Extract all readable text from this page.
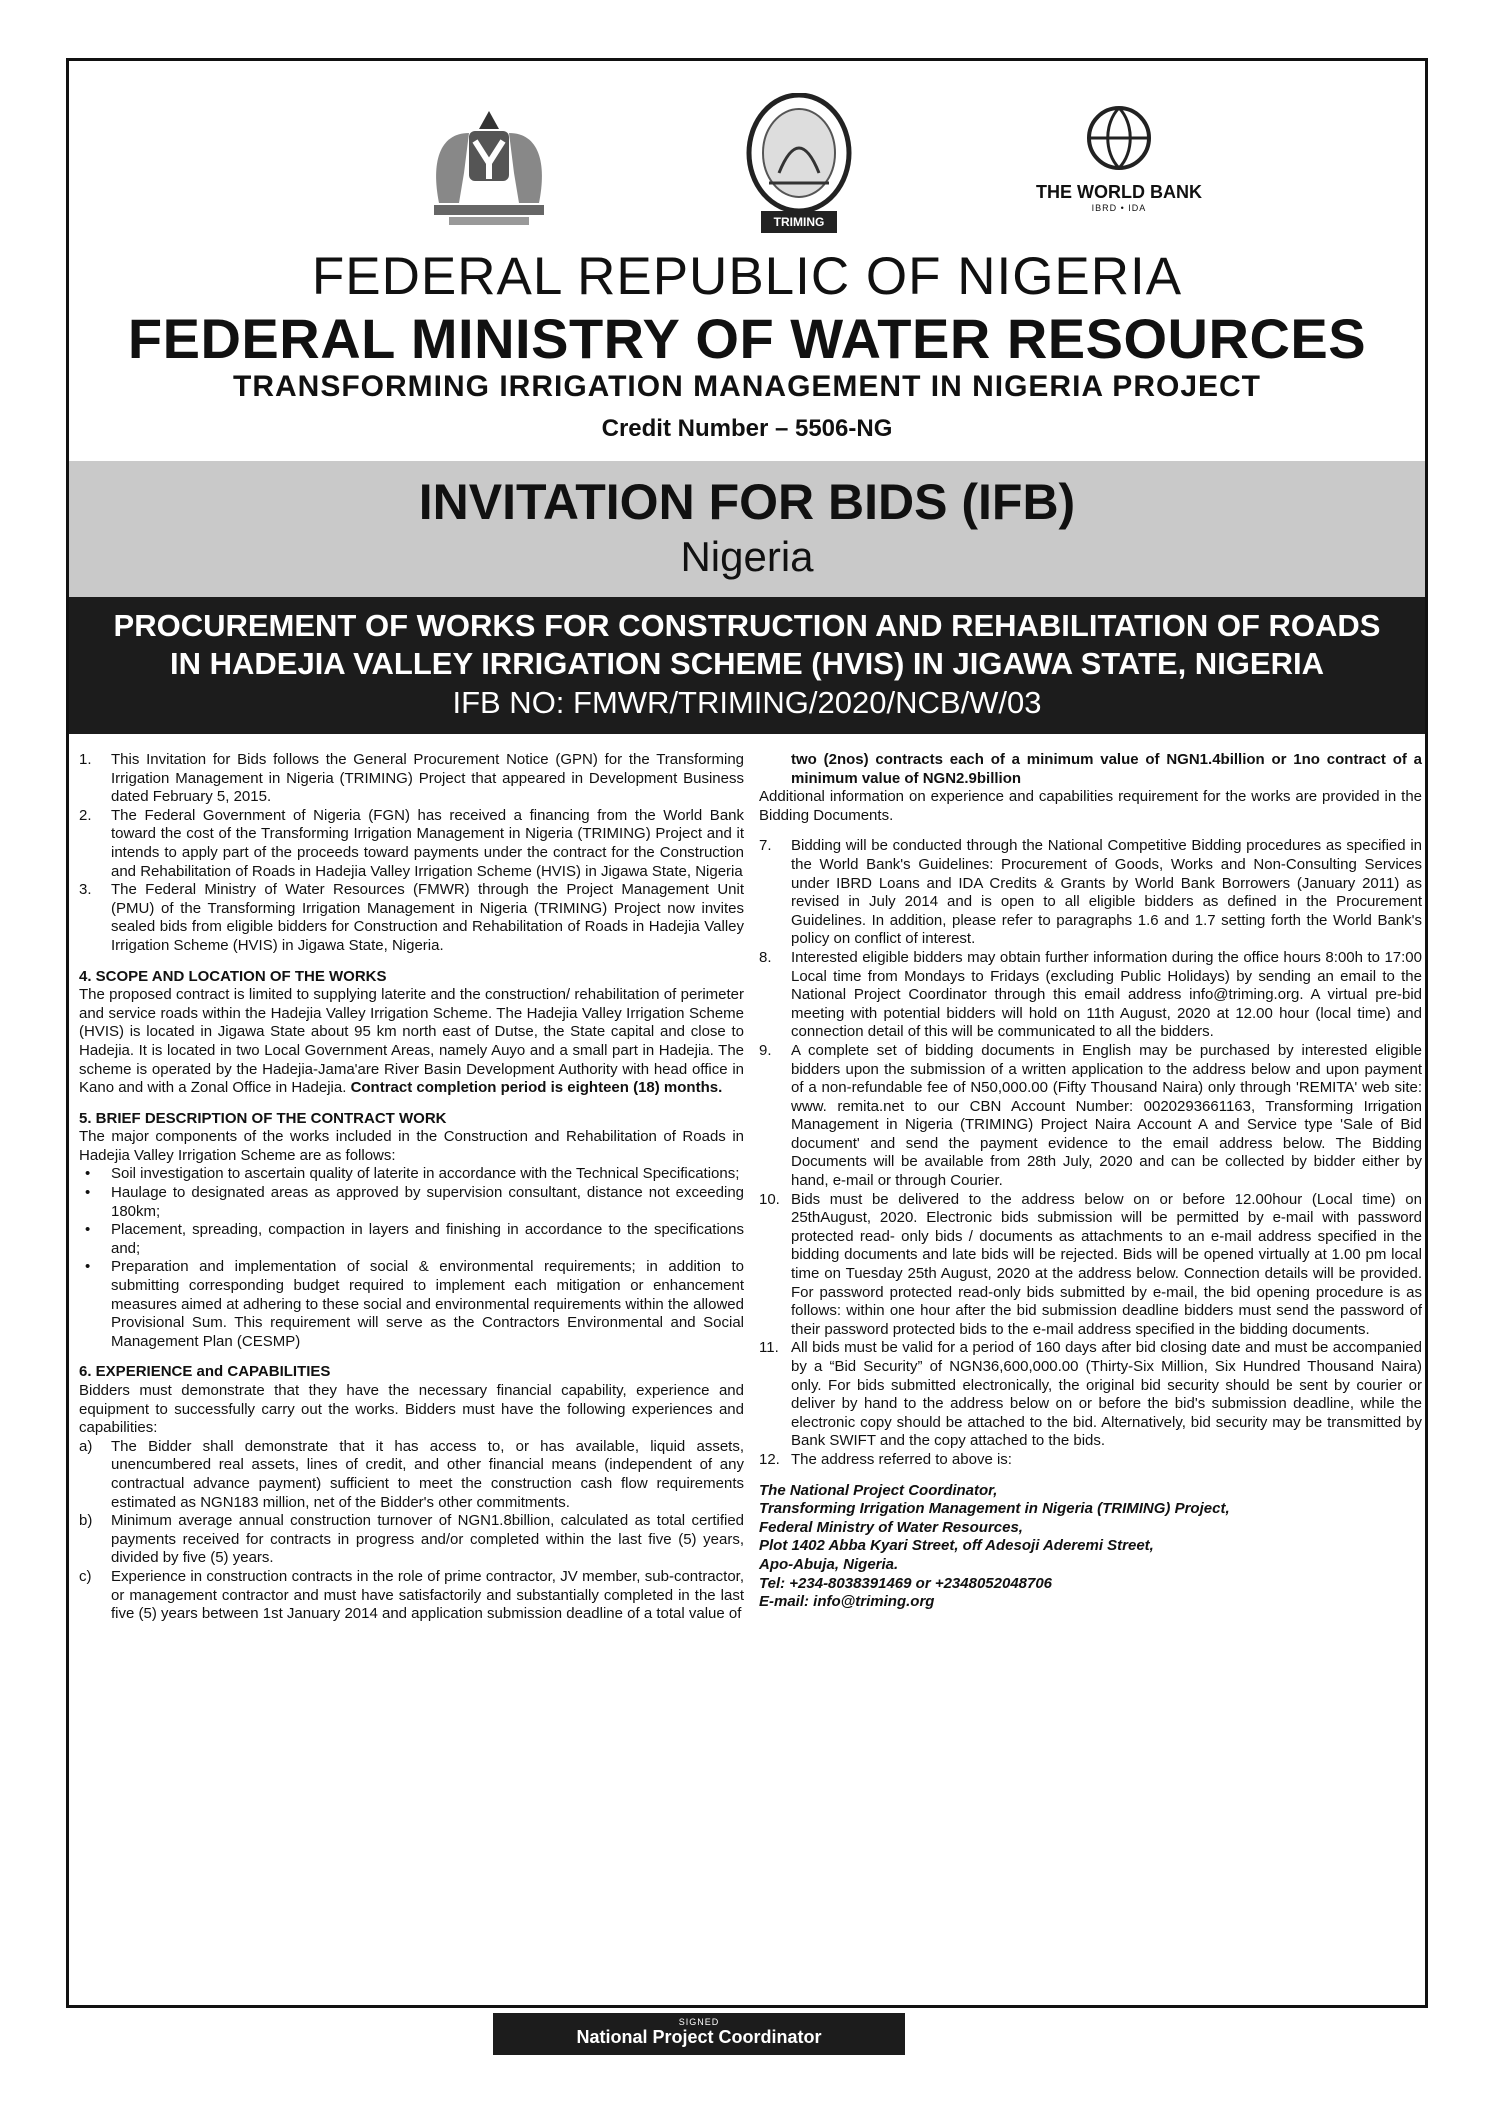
TRIMING
THE WORLD BANK
IBRD • IDA
FEDERAL REPUBLIC OF NIGERIA
FEDERAL MINISTRY OF WATER RESOURCES
TRANSFORMING IRRIGATION MANAGEMENT IN NIGERIA PROJECT
Credit Number – 5506-NG
INVITATION FOR BIDS (IFB)
Nigeria
PROCUREMENT OF WORKS FOR CONSTRUCTION AND REHABILITATION OF ROADS
IN HADEJIA VALLEY IRRIGATION SCHEME (HVIS) IN JIGAWA STATE, NIGERIA
IFB NO: FMWR/TRIMING/2020/NCB/W/03
1.	This Invitation for Bids follows the General Procurement Notice (GPN) for the Transforming Irrigation Management in Nigeria (TRIMING) Project that appeared in Development Business dated February 5, 2015.
2.	The Federal Government of Nigeria (FGN) has received a financing from the World Bank toward the cost of the Transforming Irrigation Management in Nigeria (TRIMING) Project and it intends to apply part of the proceeds toward payments under the contract for the Construction and Rehabilitation of Roads in Hadejia Valley Irrigation Scheme (HVIS) in Jigawa State, Nigeria
3.	The Federal Ministry of Water Resources (FMWR) through the Project Management Unit (PMU) of the Transforming Irrigation Management in Nigeria (TRIMING) Project now invites sealed bids from eligible bidders for Construction and Rehabilitation of Roads in Hadejia Valley Irrigation Scheme (HVIS) in Jigawa State, Nigeria.
4. SCOPE AND LOCATION OF THE WORKS
The proposed contract is limited to supplying laterite and the construction/ rehabilitation of perimeter and service roads within the Hadejia Valley Irrigation Scheme. The Hadejia Valley Irrigation Scheme (HVIS) is located in Jigawa State about 95 km north east of Dutse, the State capital and close to Hadejia. It is located in two Local Government Areas, namely Auyo and a small part in Hadejia. The scheme is operated by the Hadejia-Jama'are River Basin Development Authority with head office in Kano and with a Zonal Office in Hadejia. Contract completion period is eighteen (18) months.
5. BRIEF DESCRIPTION OF THE CONTRACT WORK
The major components of the works included in the Construction and Rehabilitation of Roads in Hadejia Valley Irrigation Scheme are as follows:
•	Soil investigation to ascertain quality of laterite in accordance with the Technical Specifications;
•	Haulage to designated areas as approved by supervision consultant, distance not exceeding 180km;
•	Placement, spreading, compaction in layers and finishing in accordance to the specifications and;
•	Preparation and implementation of social & environmental requirements; in addition to submitting corresponding budget required to implement each mitigation or enhancement measures aimed at adhering to these social and environmental requirements within the allowed Provisional Sum. This requirement will serve as the Contractors Environmental and Social Management Plan (CESMP)
6. EXPERIENCE and CAPABILITIES
Bidders must demonstrate that they have the necessary financial capability, experience and equipment to successfully carry out the works. Bidders must have the following experiences and capabilities:
a)	The Bidder shall demonstrate that it has access to, or has available, liquid assets, unencumbered real assets, lines of credit, and other financial means (independent of any contractual advance payment) sufficient to meet the construction cash flow requirements estimated as NGN183 million, net of the Bidder's other commitments.
b)	Minimum average annual construction turnover of NGN1.8billion, calculated as total certified payments received for contracts in progress and/or completed within the last five (5) years, divided by five (5) years.
c)	Experience in construction contracts in the role of prime contractor, JV member, sub-contractor, or management contractor and must have satisfactorily and substantially completed in the last five (5) years between 1st January 2014 and application submission deadline of a total value of
two (2nos) contracts each of a minimum value of NGN1.4billion or 1no contract of a minimum value of NGN2.9billion
Additional information on experience and capabilities requirement for the works are provided in the Bidding Documents.
7.	Bidding will be conducted through the National Competitive Bidding procedures as specified in the World Bank's Guidelines: Procurement of Goods, Works and Non-Consulting Services under IBRD Loans and IDA Credits & Grants by World Bank Borrowers (January 2011) as revised in July 2014 and is open to all eligible bidders as defined in the Procurement Guidelines. In addition, please refer to paragraphs 1.6 and 1.7 setting forth the World Bank's policy on conflict of interest.
8.	Interested eligible bidders may obtain further information during the office hours 8:00h to 17:00 Local time from Mondays to Fridays (excluding Public Holidays) by sending an email to the National Project Coordinator through this email address info@triming.org. A virtual pre-bid meeting with potential bidders will hold on 11th August, 2020 at 12.00 hour (local time) and connection detail of this will be communicated to all the bidders.
9.	A complete set of bidding documents in English may be purchased by interested eligible bidders upon the submission of a written application to the address below and upon payment of a non-refundable fee of N50,000.00 (Fifty Thousand Naira) only through 'REMITA' web site: www. remita.net to our CBN Account Number: 0020293661163, Transforming Irrigation Management in Nigeria (TRIMING) Project Naira Account A and Service type 'Sale of Bid document' and send the payment evidence to the email address below. The Bidding Documents will be available from 28th July, 2020 and can be collected by bidder either by hand, e-mail or through Courier.
10. Bids must be delivered to the address below on or before 12.00hour (Local time) on 25thAugust, 2020. Electronic bids submission will be permitted by e-mail with password protected read- only bids / documents as attachments to an e-mail address specified in the bidding documents and late bids will be rejected. Bids will be opened virtually at 1.00 pm local time on Tuesday 25th August, 2020 at the address below. Connection details will be provided. For password protected read-only bids submitted by e-mail, the bid opening procedure is as follows: within one hour after the bid submission deadline bidders must send the password of their password protected bids to the e-mail address specified in the bidding documents.
11. All bids must be valid for a period of 160 days after bid closing date and must be accompanied by a “Bid Security” of NGN36,600,000.00 (Thirty-Six Million, Six Hundred Thousand Naira) only. For bids submitted electronically, the original bid security should be sent by courier or deliver by hand to the address below on or before the bid's submission deadline, while the electronic copy should be attached to the bid. Alternatively, bid security may be transmitted by Bank SWIFT and the copy attached to the bids.
12. The address referred to above is:
The National Project Coordinator,
Transforming Irrigation Management in Nigeria (TRIMING) Project,
Federal Ministry of Water Resources,
Plot 1402 Abba Kyari Street, off Adesoji Aderemi Street,
Apo-Abuja, Nigeria.
Tel: +234-8038391469 or +2348052048706
E-mail: info@triming.org
SIGNED
National Project Coordinator
